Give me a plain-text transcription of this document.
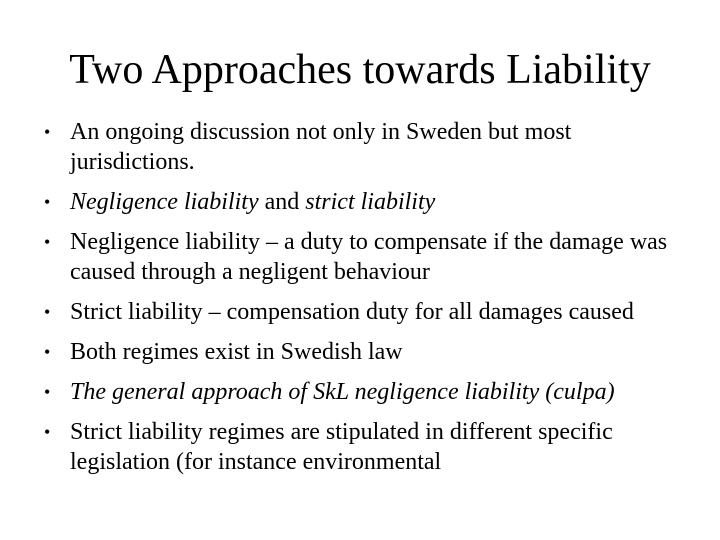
Two Approaches towards Liability
• An ongoing discussion not only in Sweden but most jurisdictions.
• Negligence liability and strict liability
• Negligence liability – a duty to compensate if the damage was caused through a negligent behaviour
• Strict liability – compensation duty for all damages caused
• Both regimes exist in Swedish law
• The general approach of SkL negligence liability (culpa)
• Strict liability regimes are stipulated in different specific legislation (for instance environmental
